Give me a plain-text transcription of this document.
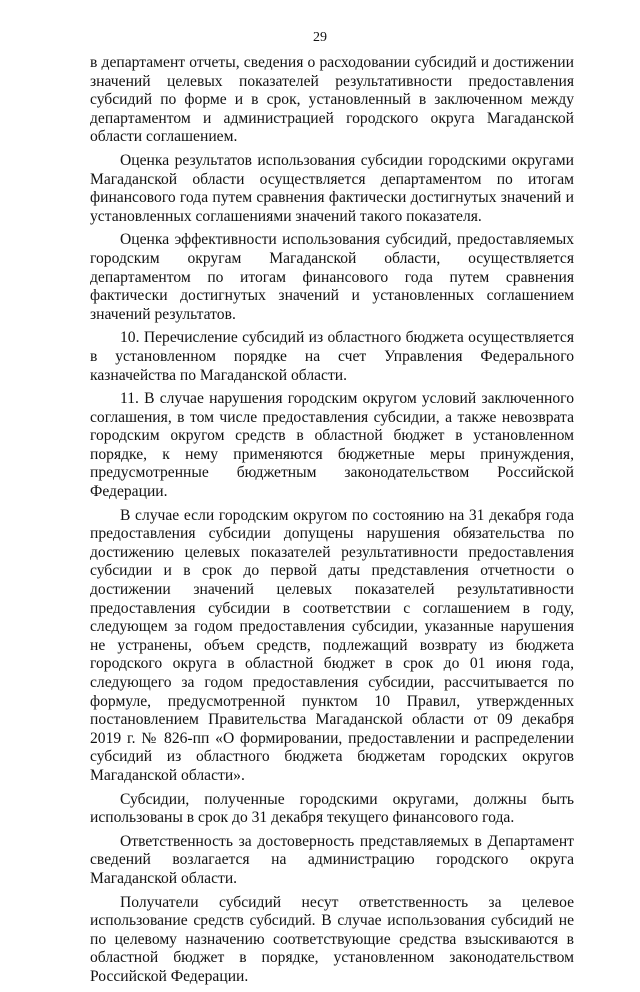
29

в департамент отчеты, сведения о расходовании субсидий и достижении значений целевых показателей результативности предоставления субсидий по форме и в срок, установленный в заключенном между департаментом и администрацией городского округа Магаданской области соглашением.

Оценка результатов использования субсидии городскими округами Магаданской области осуществляется департаментом по итогам финансового года путем сравнения фактически достигнутых значений и установленных соглашениями значений такого показателя.

Оценка эффективности использования субсидий, предоставляемых городским округам Магаданской области, осуществляется департаментом по итогам финансового года путем сравнения фактически достигнутых значений и установленных соглашением значений результатов.

10. Перечисление субсидий из областного бюджета осуществляется в установленном порядке на счет Управления Федерального казначейства по Магаданской области.

11. В случае нарушения городским округом условий заключенного соглашения, в том числе предоставления субсидии, а также невозврата городским округом средств в областной бюджет в установленном порядке, к нему применяются бюджетные меры принуждения, предусмотренные бюджетным законодательством Российской Федерации.

В случае если городским округом по состоянию на 31 декабря года предоставления субсидии допущены нарушения обязательства по достижению целевых показателей результативности предоставления субсидии и в срок до первой даты представления отчетности о достижении значений целевых показателей результативности предоставления субсидии в соответствии с соглашением в году, следующем за годом предоставления субсидии, указанные нарушения не устранены, объем средств, подлежащий возврату из бюджета городского округа в областной бюджет в срок до 01 июня года, следующего за годом предоставления субсидии, рассчитывается по формуле, предусмотренной пунктом 10 Правил, утвержденных постановлением Правительства Магаданской области от 09 декабря 2019 г. № 826-пп «О формировании, предоставлении и распределении субсидий из областного бюджета бюджетам городских округов Магаданской области».

Субсидии, полученные городскими округами, должны быть использованы в срок до 31 декабря текущего финансового года.

Ответственность за достоверность представляемых в Департамент сведений возлагается на администрацию городского округа Магаданской области.

Получатели субсидий несут ответственность за целевое использование средств субсидий. В случае использования субсидий не по целевому назначению соответствующие средства взыскиваются в областной бюджет в порядке, установленном законодательством Российской Федерации.
